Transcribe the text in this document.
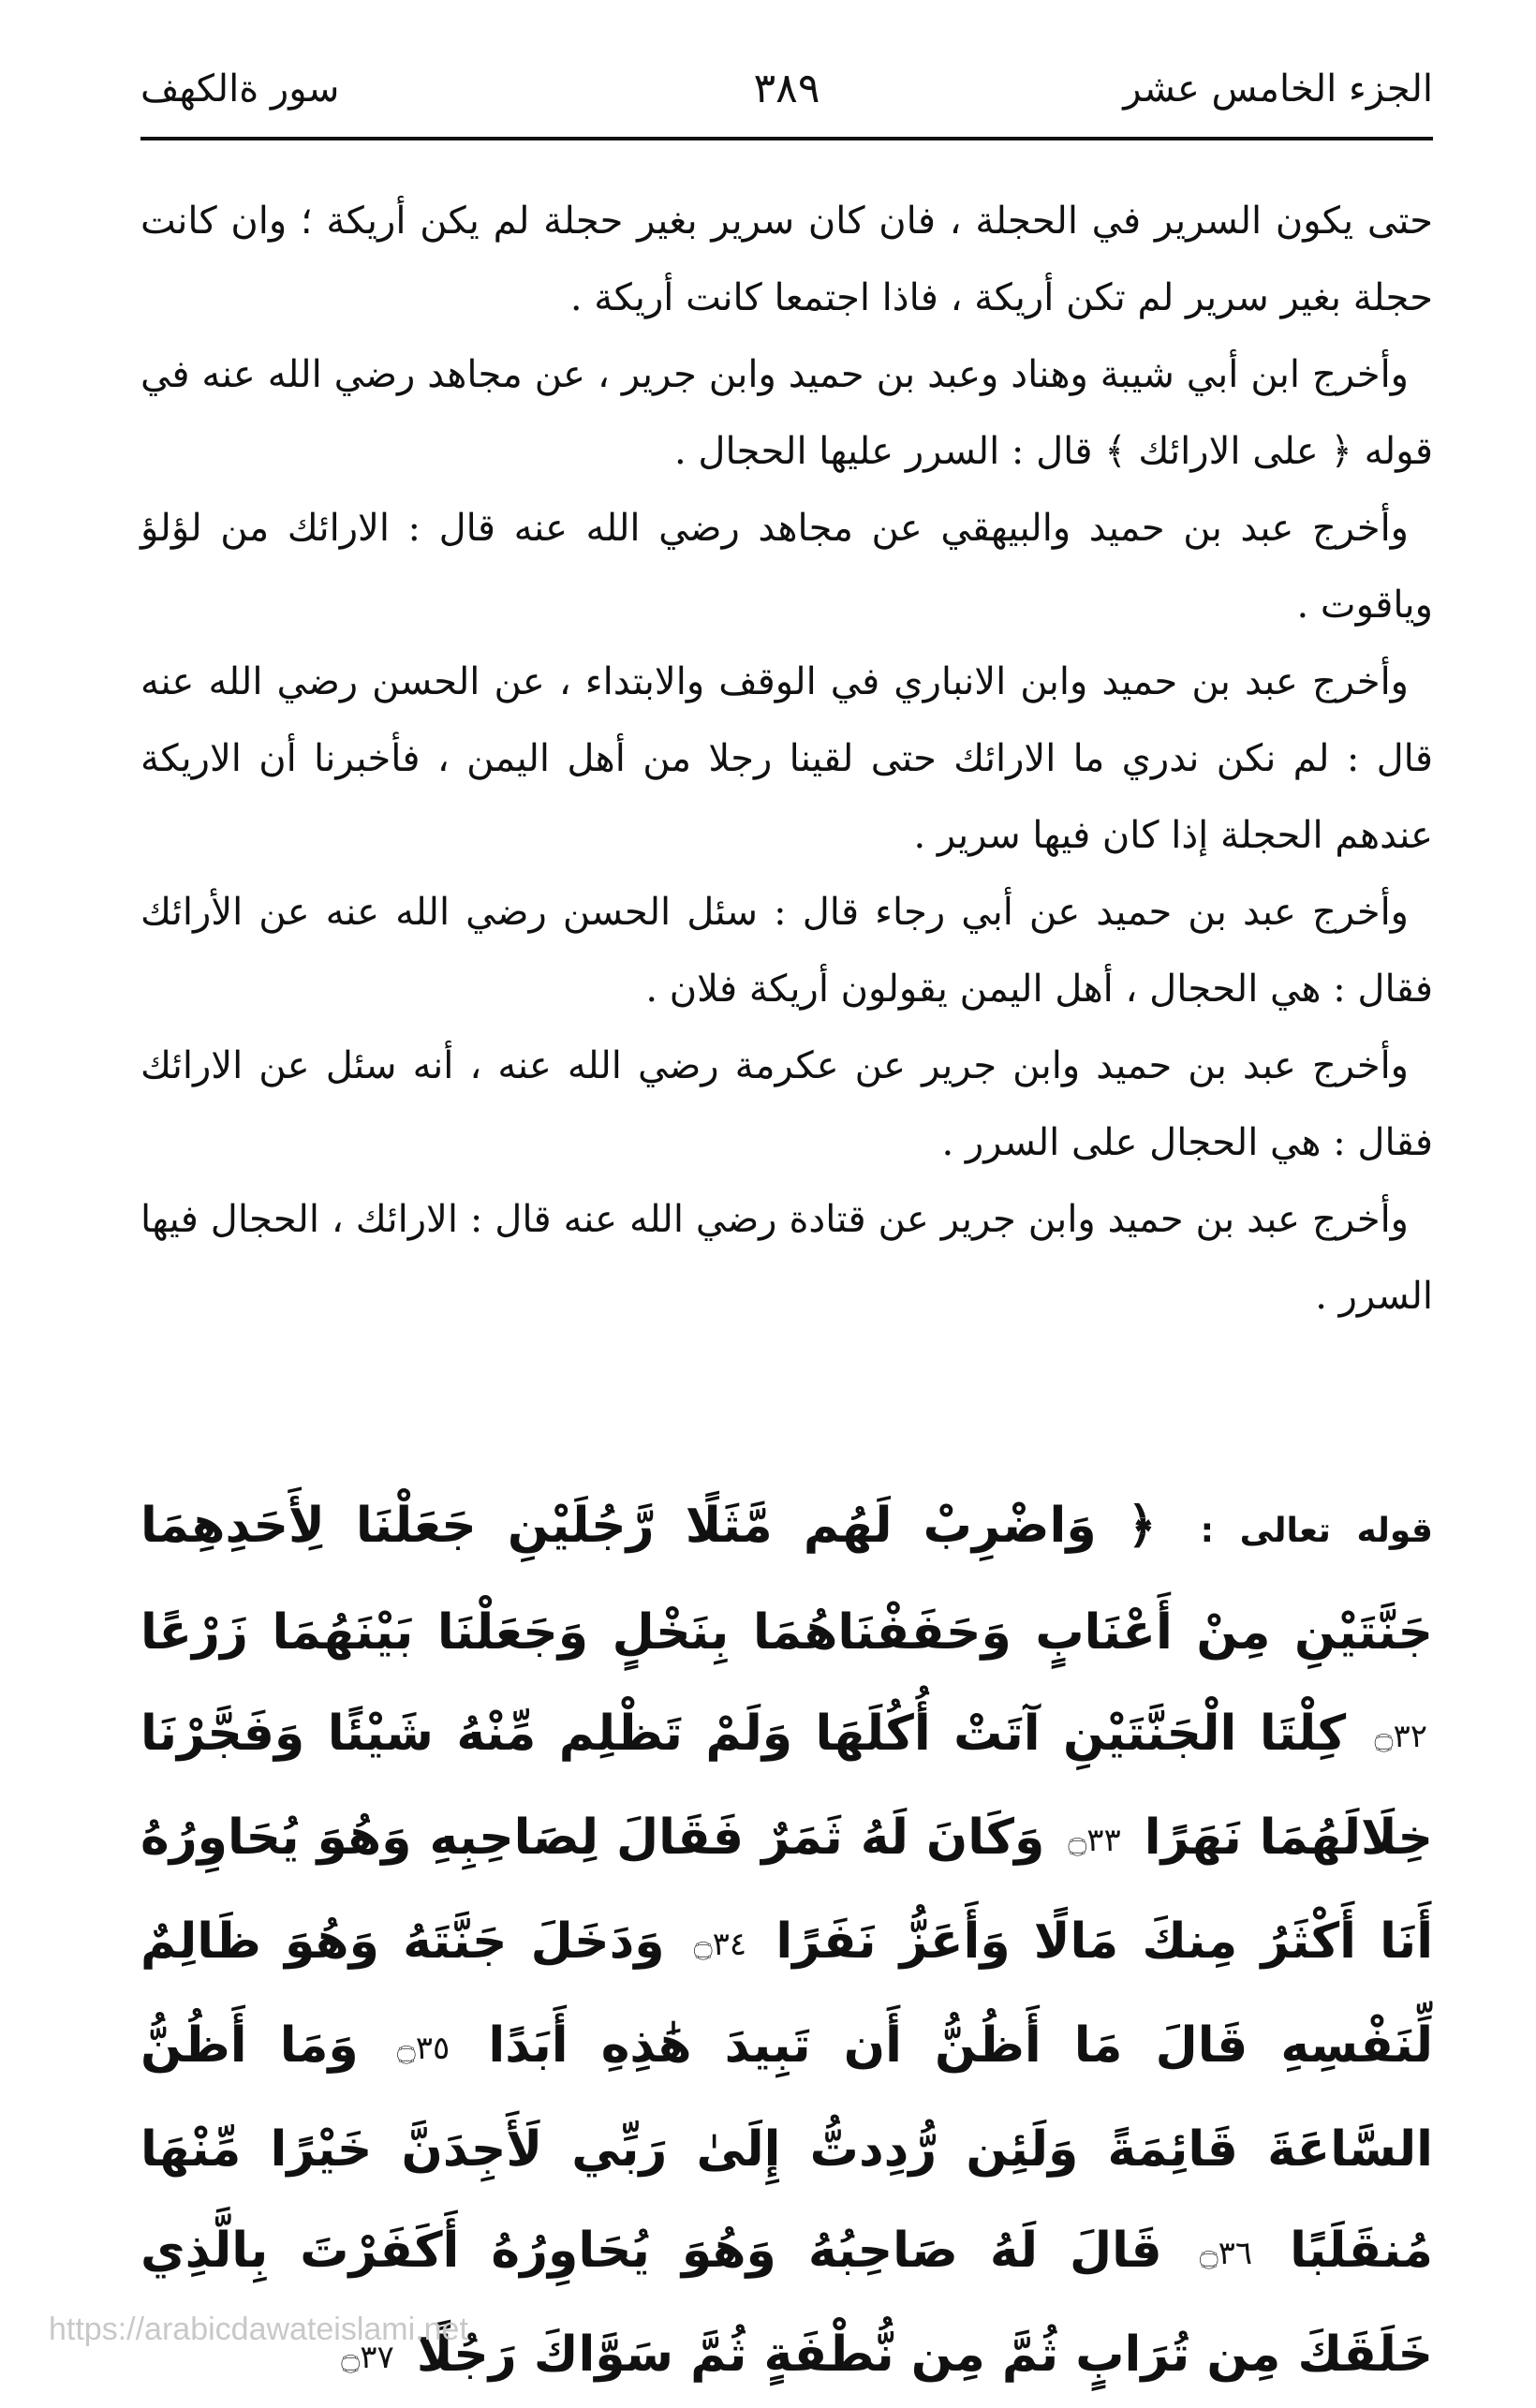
الجزء الخامس عشر
٣٨٩
سور ةالكهف

حتى يكون السرير في الحجلة ، فان كان سرير بغير حجلة لم يكن أريكة ؛ وان كانت حجلة بغير سرير لم تكن أريكة ، فاذا اجتمعا كانت أريكة .

وأخرج ابن أبي شيبة وهناد وعبد بن حميد وابن جرير ، عن مجاهد رضي الله عنه في قوله ﴿ على الارائك ﴾ قال : السرر عليها الحجال .

وأخرج عبد بن حميد والبيهقي عن مجاهد رضي الله عنه قال : الارائك من لؤلؤ وياقوت .

وأخرج عبد بن حميد وابن الانباري في الوقف والابتداء ، عن الحسن رضي الله عنه قال : لم نكن ندري ما الارائك حتى لقينا رجلا من أهل اليمن ، فأخبرنا أن الاريكة عندهم الحجلة إذا كان فيها سرير .

وأخرج عبد بن حميد عن أبي رجاء قال : سئل الحسن رضي الله عنه عن الأرائك فقال : هي الحجال ، أهل اليمن يقولون أريكة فلان .

وأخرج عبد بن حميد وابن جرير عن عكرمة رضي الله عنه ، أنه سئل عن الارائك فقال : هي الحجال على السرر .

وأخرج عبد بن حميد وابن جرير عن قتادة رضي الله عنه قال : الارائك ، الحجال فيها السرر .

قوله تعالى : ﴿ وَاضْرِبْ لَهُم مَّثَلًا رَّجُلَيْنِ جَعَلْنَا لِأَحَدِهِمَا جَنَّتَيْنِ مِنْ أَعْنَابٍ وَحَفَفْنَاهُمَا بِنَخْلٍ وَجَعَلْنَا بَيْنَهُمَا زَرْعًا ۝ ٣٢ كِلْتَا الْجَنَّتَيْنِ آتَتْ أُكُلَهَا وَلَمْ تَظْلِم مِّنْهُ شَيْئًا وَفَجَّرْنَا خِلَالَهُمَا نَهَرًا ۝ ٣٣ وَكَانَ لَهُ ثَمَرٌ فَقَالَ لِصَاحِبِهِ وَهُوَ يُحَاوِرُهُ أَنَا أَكْثَرُ مِنكَ مَالًا وَأَعَزُّ نَفَرًا ۝ ٣٤ وَدَخَلَ جَنَّتَهُ وَهُوَ ظَالِمٌ لِّنَفْسِهِ قَالَ مَا أَظُنُّ أَن تَبِيدَ هَٰذِهِ أَبَدًا ۝ ٣٥ وَمَا أَظُنُّ السَّاعَةَ قَائِمَةً وَلَئِن رُّدِدتُّ إِلَىٰ رَبِّي لَأَجِدَنَّ خَيْرًا مِّنْهَا مُنقَلَبًا ۝ ٣٦ قَالَ لَهُ صَاحِبُهُ وَهُوَ يُحَاوِرُهُ أَكَفَرْتَ بِالَّذِي خَلَقَكَ مِن تُرَابٍ ثُمَّ مِن نُّطْفَةٍ ثُمَّ سَوَّاكَ رَجُلًا ۝ ٣٧
https://arabicdawateislami.net
